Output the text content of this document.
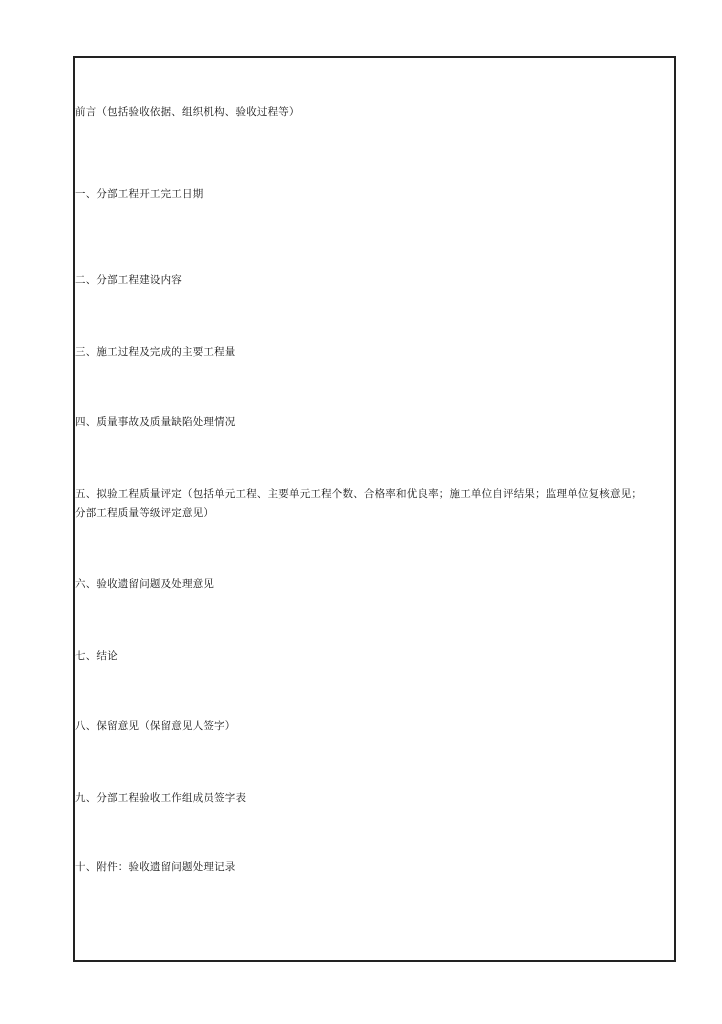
前言（包括验收依据、组织机构、验收过程等）
一、分部工程开工完工日期
二、分部工程建设内容
三、施工过程及完成的主要工程量
四、质量事故及质量缺陷处理情况
五、拟验工程质量评定（包括单元工程、主要单元工程个数、合格率和优良率；施工单位自评结果；监理单位复核意见；
分部工程质量等级评定意见）
六、验收遗留问题及处理意见
七、结论
八、保留意见（保留意见人签字）
九、分部工程验收工作组成员签字表
十、附件：验收遗留问题处理记录
